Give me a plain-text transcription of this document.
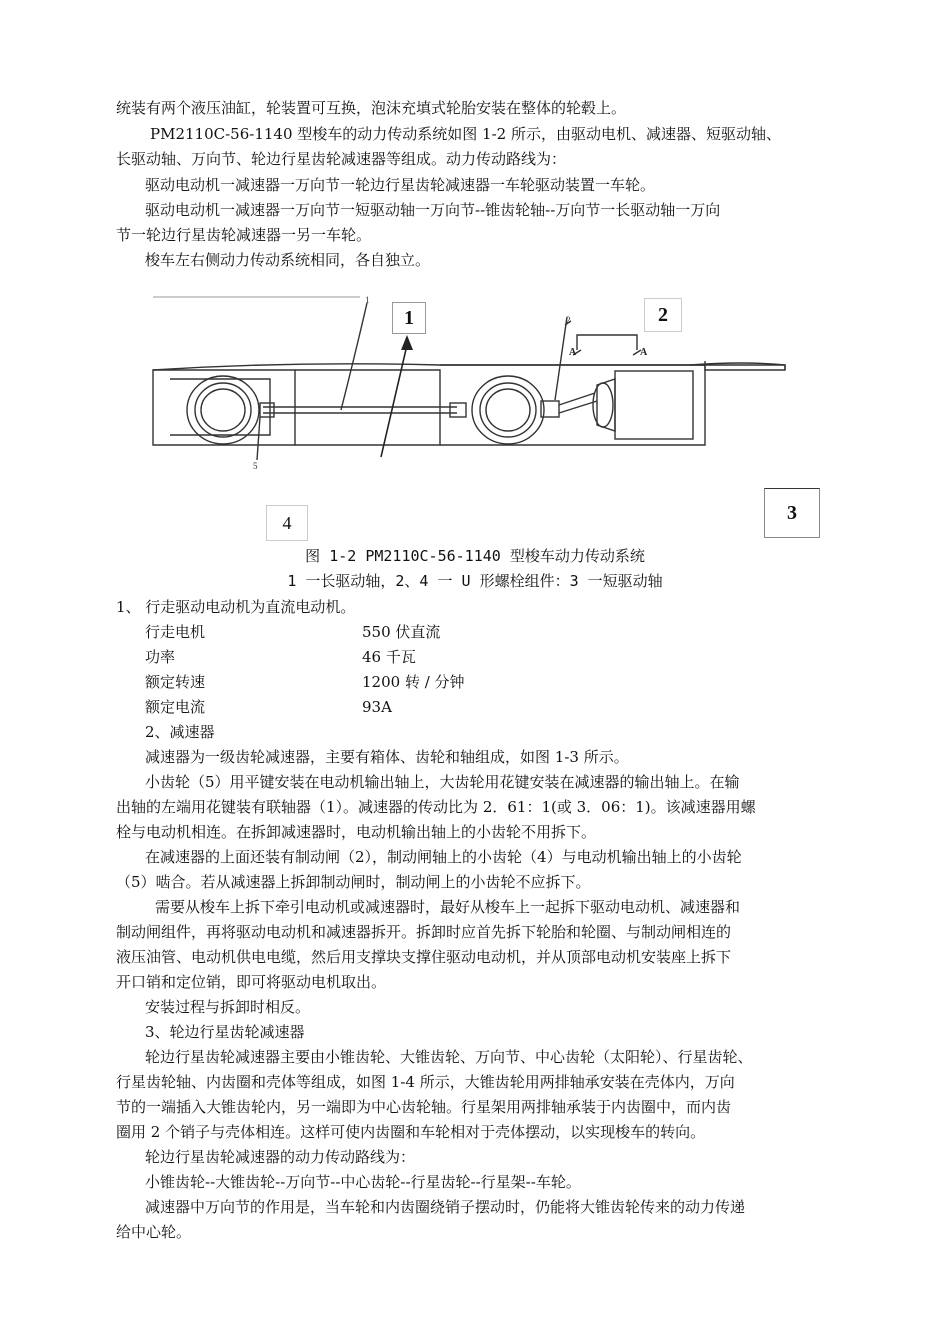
统装有两个液压油缸，轮装置可互换，泡沫充填式轮胎安装在整体的轮毂上。
PM2110C-56-1140 型梭车的动力传动系统如图 1-2 所示，由驱动电机、减速器、短驱动轴、
长驱动轴、万向节、轮边行星齿轮减速器等组成。动力传动路线为：
驱动电动机一减速器一万向节一轮边行星齿轮减速器一车轮驱动装置一车轮。
驱动电动机一减速器一万向节一短驱动轴一万向节--锥齿轮轴--万向节一长驱动轴一万向
节一轮边行星齿轮减速器一另一车轮。
梭车左右侧动力传动系统相同，各自独立。
1
2
A	A
5
1	2
3
4
图 1-2 PM2110C-56-1140 型梭车动力传动系统
1 一长驱动轴，2、4 一 U 形螺栓组件：3 一短驱动轴
1、 行走驱动电动机为直流电动机。
行走电机	550 伏直流
功率	46 千瓦
额定转速	1200 转 / 分钟
额定电流	93A
2、减速器
减速器为一级齿轮减速器，主要有箱体、齿轮和轴组成，如图 1-3 所示。
小齿轮（5）用平键安装在电动机输出轴上，大齿轮用花键安装在减速器的输出轴上。在输
出轴的左端用花键装有联轴器（1）。减速器的传动比为 2．61：1(或 3．06：1)。该减速器用螺
栓与电动机相连。在拆卸减速器时，电动机输出轴上的小齿轮不用拆下。
在减速器的上面还装有制动闸（2），制动闸轴上的小齿轮（4）与电动机输出轴上的小齿轮
（5）啮合。若从减速器上拆卸制动闸时，制动闸上的小齿轮不应拆下。
需要从梭车上拆下牵引电动机或减速器时，最好从梭车上一起拆下驱动电动机、减速器和
制动闸组件，再将驱动电动机和减速器拆开。拆卸时应首先拆下轮胎和轮圈、与制动闸相连的
液压油管、电动机供电电缆，然后用支撑块支撑住驱动电动机，并从顶部电动机安装座上拆下
开口销和定位销，即可将驱动电机取出。
安装过程与拆卸时相反。
3、轮边行星齿轮减速器
轮边行星齿轮减速器主要由小锥齿轮、大锥齿轮、万向节、中心齿轮（太阳轮）、行星齿轮、
行星齿轮轴、内齿圈和壳体等组成，如图 1-4 所示，大锥齿轮用两排轴承安装在壳体内，万向
节的一端插入大锥齿轮内，另一端即为中心齿轮轴。行星架用两排轴承装于内齿圈中，而内齿
圈用 2 个销子与壳体相连。这样可使内齿圈和车轮相对于壳体摆动，以实现梭车的转向。
轮边行星齿轮减速器的动力传动路线为：
小锥齿轮--大锥齿轮--万向节--中心齿轮--行星齿轮--行星架--车轮。
减速器中万向节的作用是，当车轮和内齿圈绕销子摆动时，仍能将大锥齿轮传来的动力传递
给中心轮。
